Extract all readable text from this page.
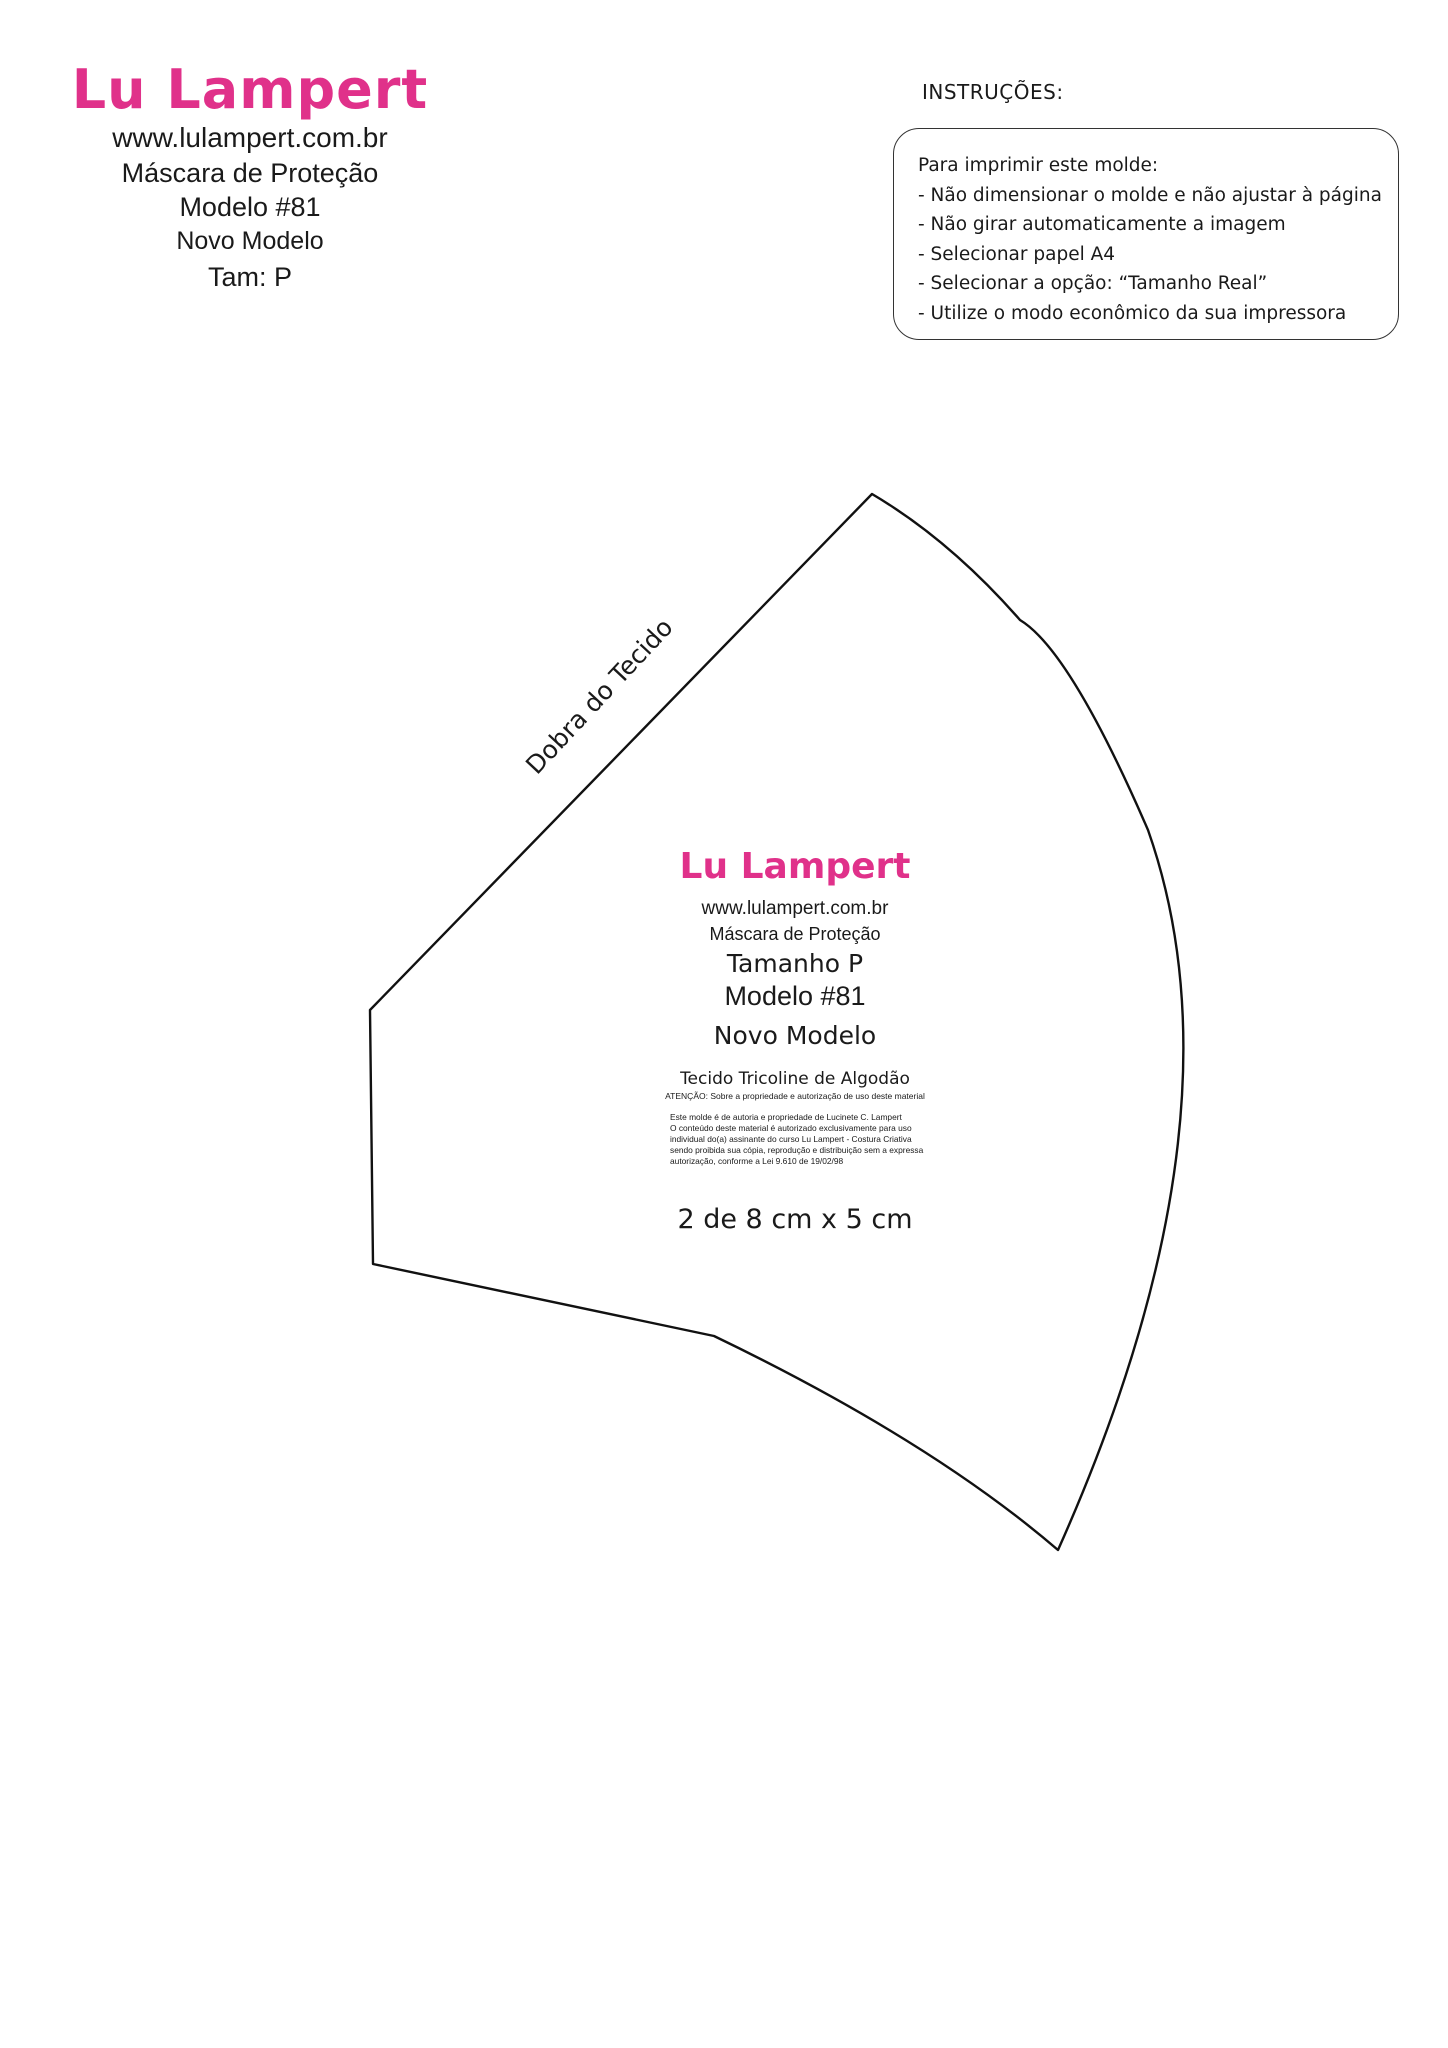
Lu Lampert
www.lulampert.com.br
Máscara de Proteção
Modelo #81
Novo Modelo
Tam: P
INSTRUÇÕES:
Para imprimir este molde:
- Não dimensionar o molde e não ajustar à página
- Não girar automaticamente a imagem
- Selecionar papel A4
- Selecionar a opção: “Tamanho Real”
- Utilize o modo econômico da sua impressora
Dobra do Tecido
Lu Lampert
www.lulampert.com.br
Máscara de Proteção
Tamanho P
Modelo #81
Novo Modelo
Tecido Tricoline de Algodão
ATENÇÃO: Sobre a propriedade e autorização de uso deste material

Este molde é de autoria e propriedade de Lucinete C. Lampert
O conteúdo deste material é autorizado exclusivamente para uso
individual do(a) assinante do curso Lu Lampert - Costura Criativa
sendo proibida sua cópia, reprodução e distribuição sem a expressa
autorização, conforme a Lei 9.610 de 19/02/98

2 de 8 cm x 5 cm
